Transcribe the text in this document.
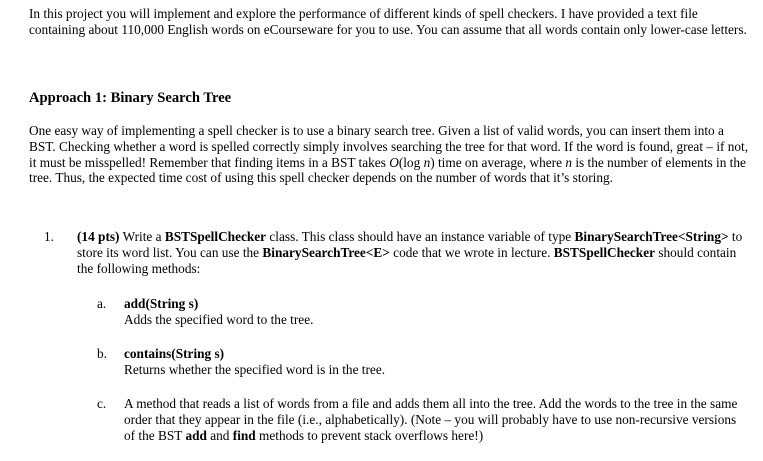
In this project you will implement and explore the performance of different kinds of spell checkers. I have provided a text file containing about 110,000 English words on eCourseware for you to use. You can assume that all words contain only lower-case letters.

Approach 1: Binary Search Tree

One easy way of implementing a spell checker is to use a binary search tree. Given a list of valid words, you can insert them into a BST. Checking whether a word is spelled correctly simply involves searching the tree for that word. If the word is found, great – if not, it must be misspelled! Remember that finding items in a BST takes O(log n) time on average, where n is the number of elements in the tree. Thus, the expected time cost of using this spell checker depends on the number of words that it’s storing.

1. (14 pts) Write a BSTSpellChecker class. This class should have an instance variable of type BinarySearchTree<String> to store its word list. You can use the BinarySearchTree<E> code that we wrote in lecture. BSTSpellChecker should contain the following methods:

a. add(String s)

Adds the specified word to the tree.

b. contains(String s)

Returns whether the specified word is in the tree.

c. A method that reads a list of words from a file and adds them all into the tree. Add the words to the tree in the same order that they appear in the file (i.e., alphabetically). (Note – you will probably have to use non-recursive versions of the BST add and find methods to prevent stack overflows here!)
